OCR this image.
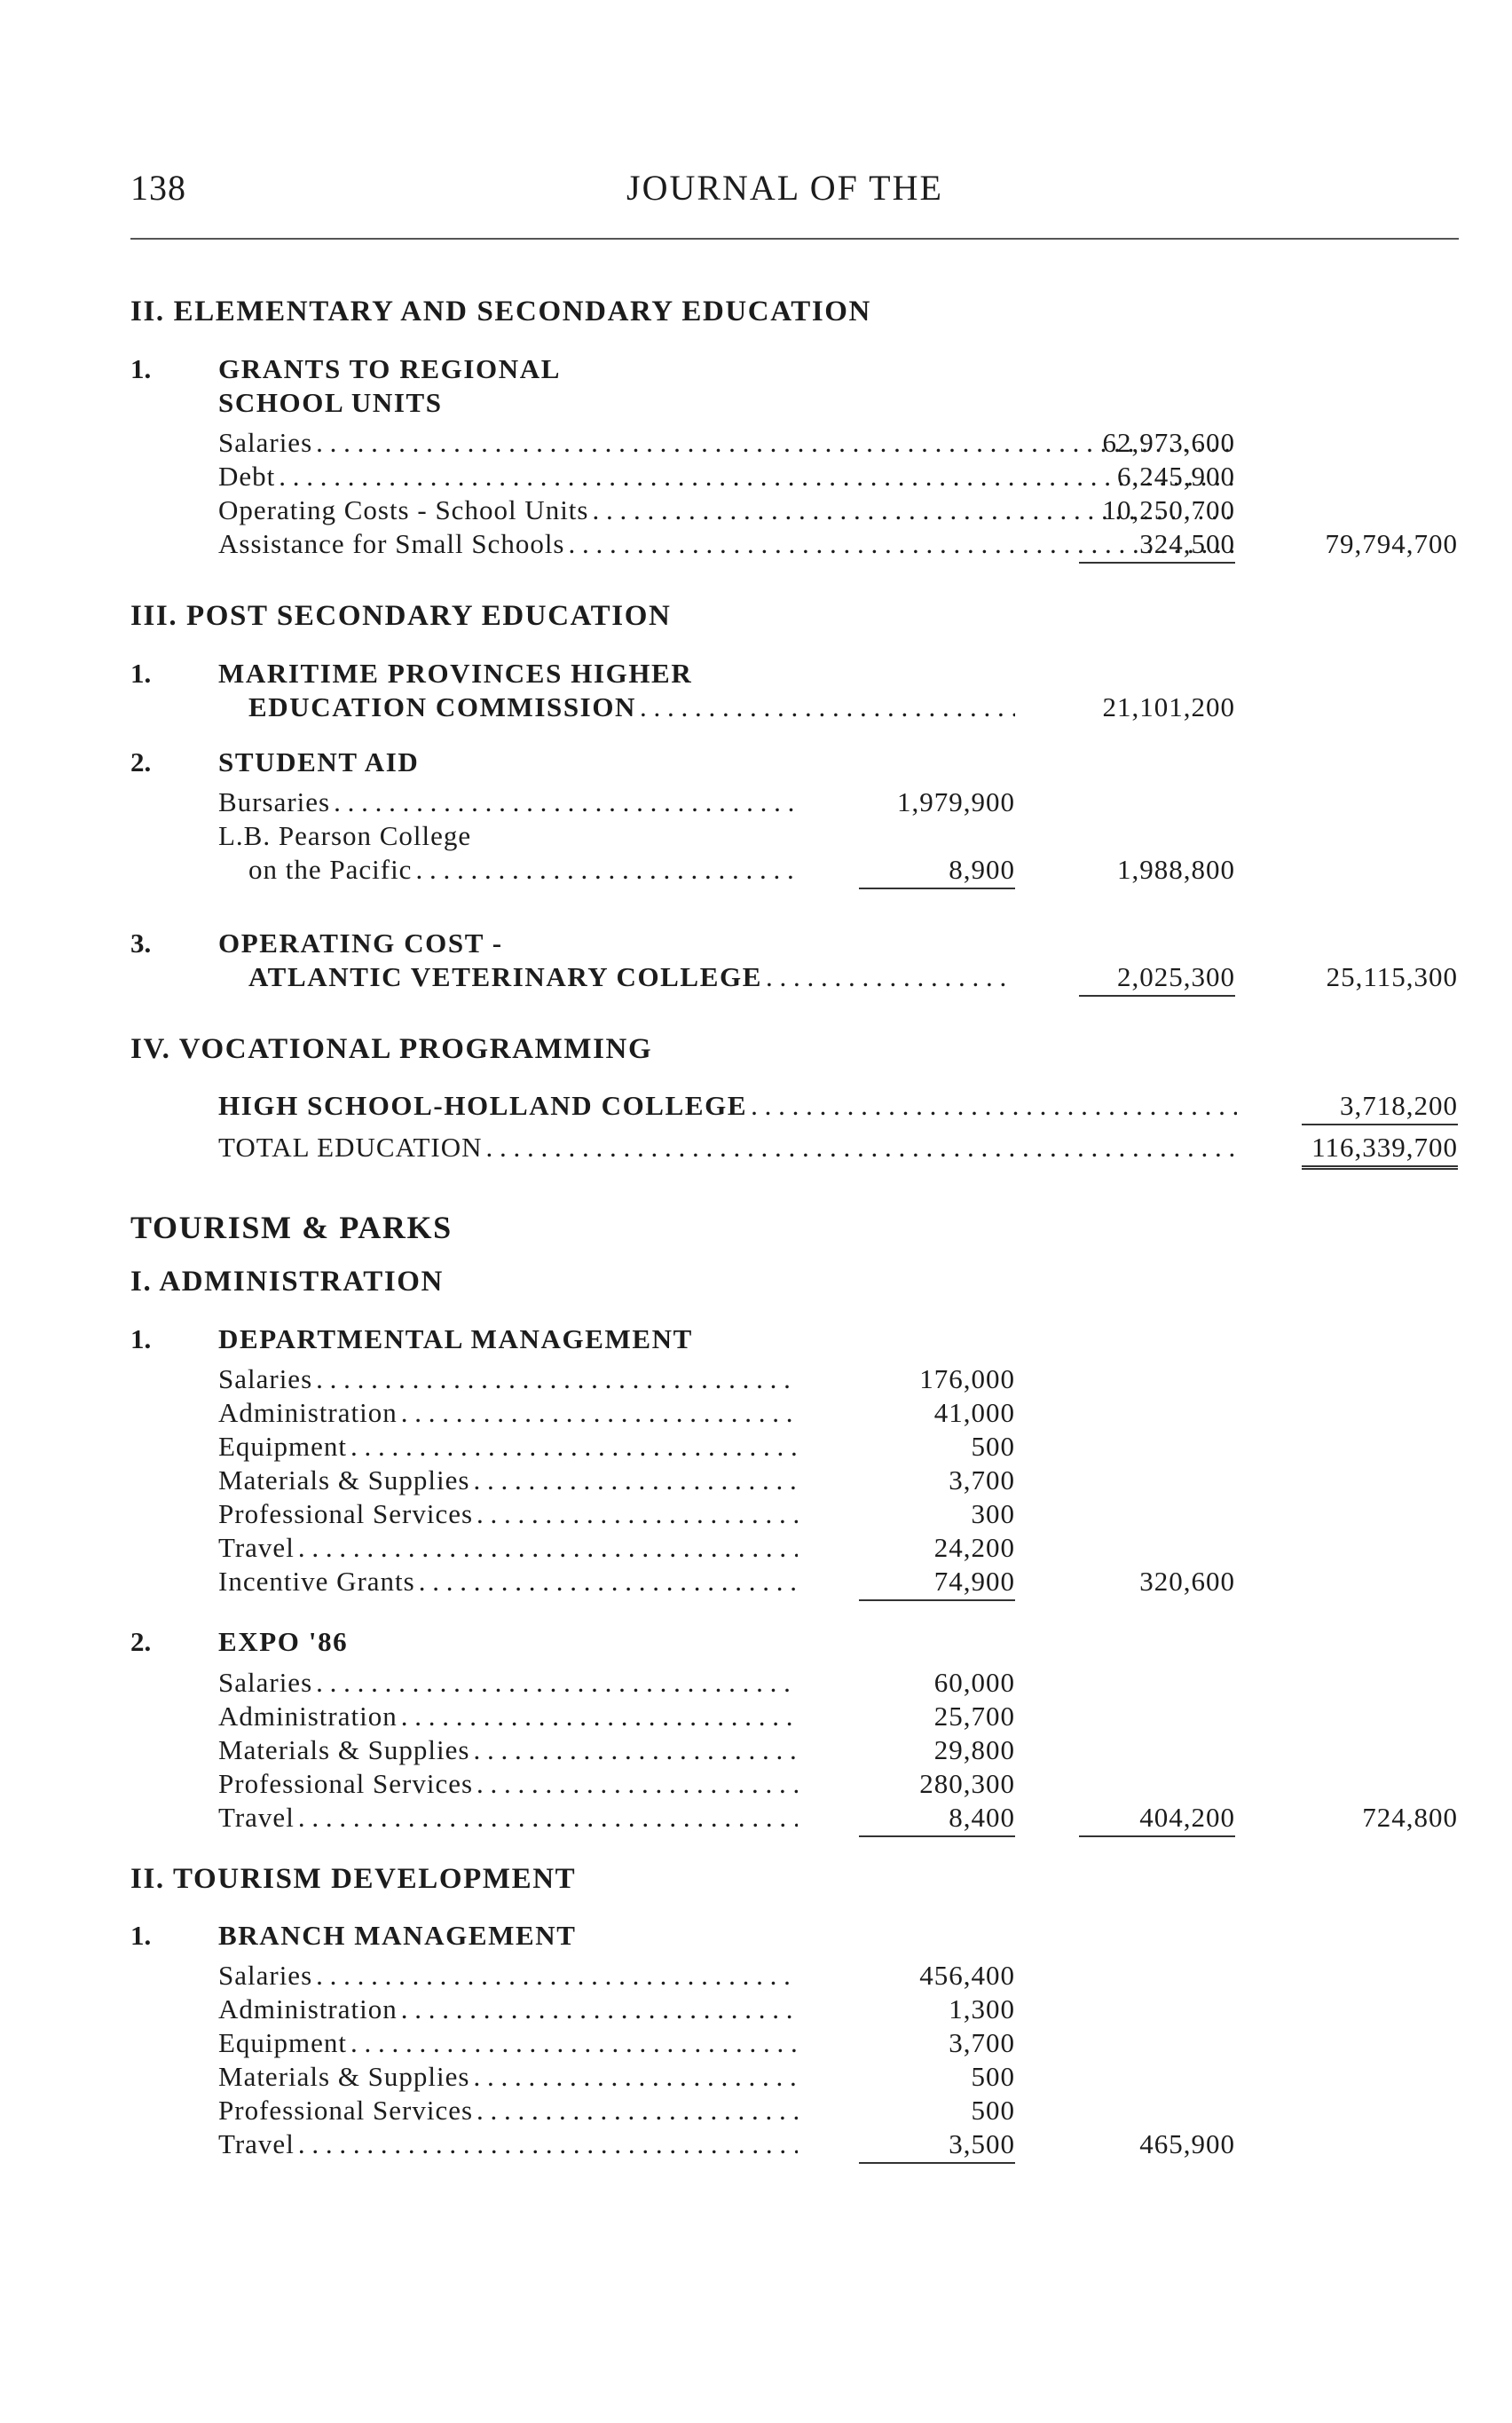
138	JOURNAL OF THE
II. ELEMENTARY AND SECONDARY EDUCATION
1. GRANTS TO REGIONAL
SCHOOL UNITS
Salaries . . .	62,973,600
Debt . . .	6,245,900
Operating Costs - School Units . . .	10,250,700
Assistance for Small Schools . . .	324,500	79,794,700
III. POST SECONDARY EDUCATION
1. MARITIME PROVINCES HIGHER
EDUCATION COMMISSION . . .	21,101,200
2. STUDENT AID
Bursaries . . .	1,979,900
L.B. Pearson College
on the Pacific . . .	8,900	1,988,800
3. OPERATING COST -
ATLANTIC VETERINARY COLLEGE . . .	2,025,300	25,115,300
IV. VOCATIONAL PROGRAMMING
HIGH SCHOOL-HOLLAND COLLEGE . . .	3,718,200
TOTAL EDUCATION . . .	116,339,700
TOURISM & PARKS
I. ADMINISTRATION
1. DEPARTMENTAL MANAGEMENT
Salaries . . .	176,000
Administration . . .	41,000
Equipment . . .	500
Materials & Supplies . . .	3,700
Professional Services . . .	300
Travel . . .	24,200
Incentive Grants . . .	74,900	320,600
2. EXPO '86
Salaries . . .	60,000
Administration . . .	25,700
Materials & Supplies . . .	29,800
Professional Services . . .	280,300
Travel . . .	8,400	404,200	724,800
II. TOURISM DEVELOPMENT
1. BRANCH MANAGEMENT
Salaries . . .	456,400
Administration . . .	1,300
Equipment . . .	3,700
Materials & Supplies . . .	500
Professional Services . . .	500
Travel . . .	3,500	465,900
